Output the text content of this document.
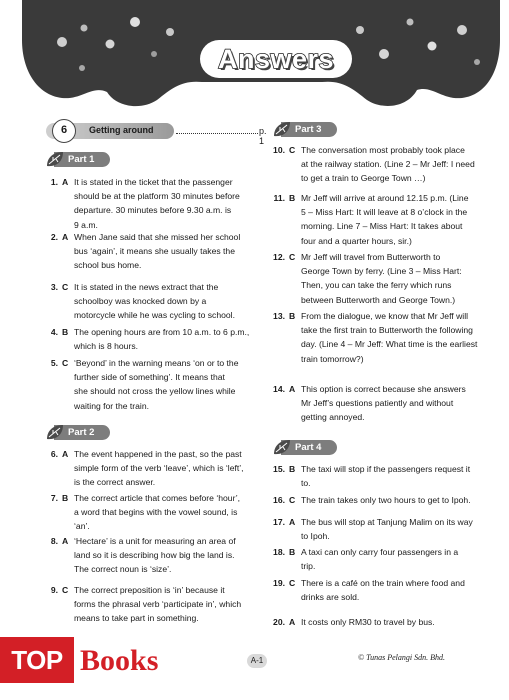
Answers
6	Getting around	p. 1
Part 1
1. A It is stated in the ticket that the passenger
should be at the platform 30 minutes before
departure. 30 minutes before 9.30 a.m. is
9 a.m.
2. A When Jane said that she missed her school
bus ‘again’, it means she usually takes the
school bus home.
3. C It is stated in the news extract that the
schoolboy was knocked down by a
motorcycle while he was cycling to school.
4. B The opening hours are from 10 a.m. to 6 p.m.,
which is 8 hours.
5. C ‘Beyond’ in the warning means ‘on or to the
further side of something’. It means that
she should not cross the yellow lines while
waiting for the train.
Part 2
6. A The event happened in the past, so the past
simple form of the verb ‘leave’, which is ‘left’,
is the correct answer.
7. B The correct article that comes before ‘hour’,
a word that begins with the vowel sound, is
‘an’.
8. A ‘Hectare’ is a unit for measuring an area of
land so it is describing how big the land is.
The correct noun is ‘size’.
9. C The correct preposition is ‘in’ because it
forms the phrasal verb ‘participate in’, which
means to take part in something.
Part 3
10. C The conversation most probably took place
at the railway station. (Line 2 – Mr Jeff: I need
to get a train to George Town …)
11. B Mr Jeff will arrive at around 12.15 p.m. (Line
5 – Miss Hart: It will leave at 8 o’clock in the
morning. Line 7 – Miss Hart: It takes about
four and a quarter hours, sir.)
12. C Mr Jeff will travel from Butterworth to
George Town by ferry. (Line 3 – Miss Hart:
Then, you can take the ferry which runs
between Butterworth and George Town.)
13. B From the dialogue, we know that Mr Jeff will
take the first train to Butterworth the following
day. (Line 4 – Mr Jeff: What time is the earliest
train tomorrow?)
14. A This option is correct because she answers
Mr Jeff’s questions patiently and without
getting annoyed.
Part 4
15. B The taxi will stop if the passengers request it
to.
16. C The train takes only two hours to get to Ipoh.
17. A The bus will stop at Tanjung Malim on its way
to Ipoh.
18. B A taxi can only carry four passengers in a
trip.
19. C There is a café on the train where food and
drinks are sold.
20. A It costs only RM30 to travel by bus.
TOP Books	A-1	© Tunas Pelangi Sdn. Bhd.
